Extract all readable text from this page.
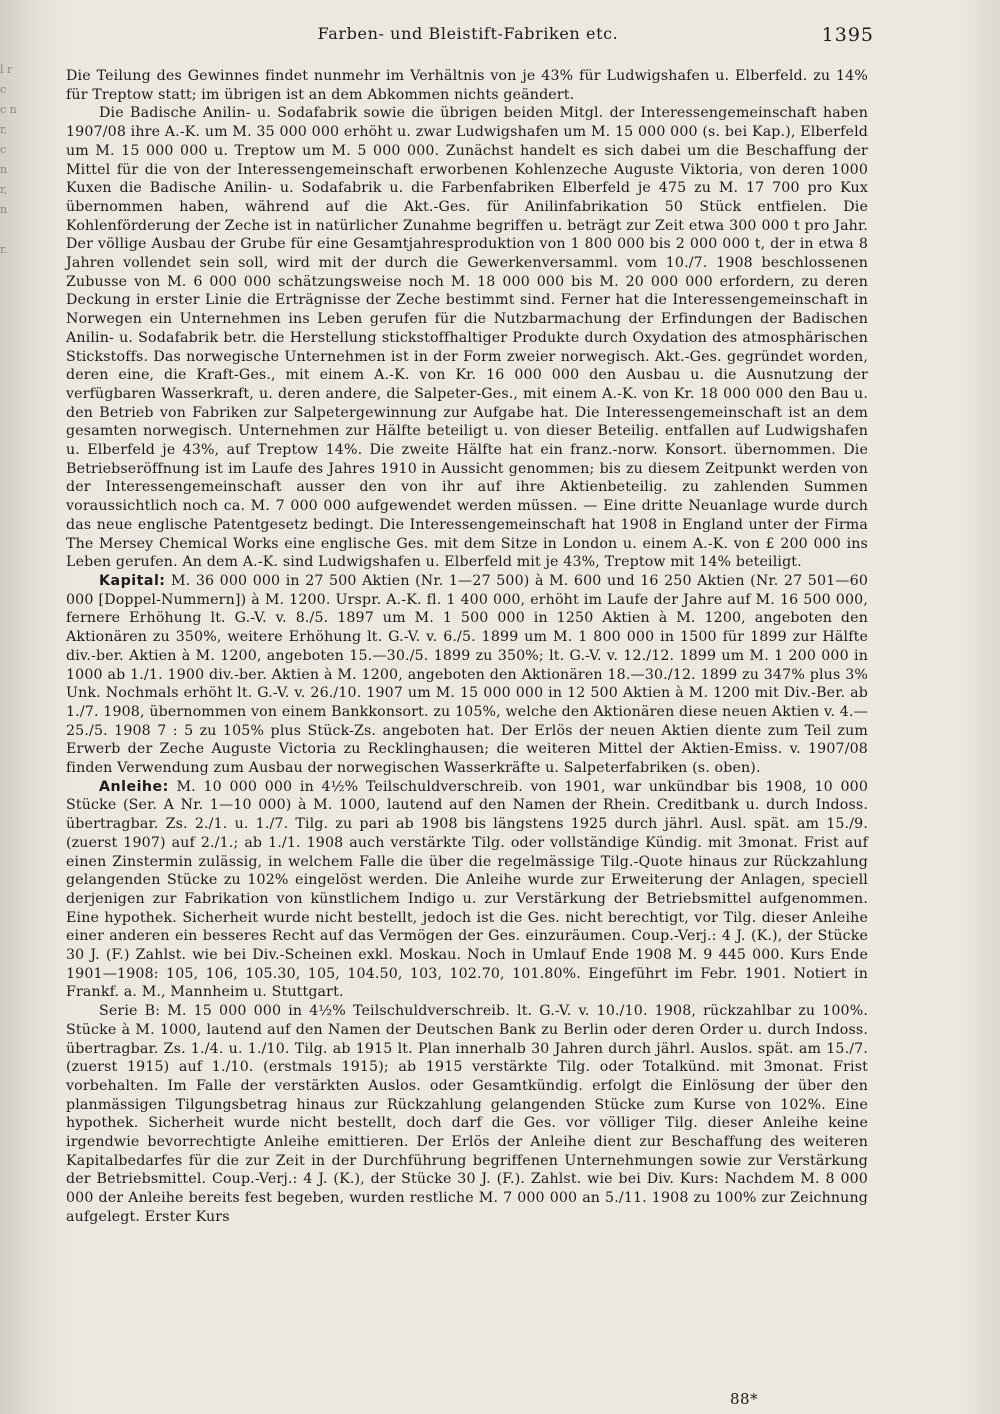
l r
c
c n
r,
c
n
r,
n

r.
Farben- und Bleistift-Fabriken etc.	1395

Die Teilung des Gewinnes findet nunmehr im Verhältnis von je 43% für Ludwigshafen u. Elberfeld. zu 14% für Treptow statt; im übrigen ist an dem Abkommen nichts geändert.

Die Badische Anilin- u. Sodafabrik sowie die übrigen beiden Mitgl. der Interessengemeinschaft haben 1907/08 ihre A.-K. um M. 35 000 000 erhöht u. zwar Ludwigshafen um M. 15 000 000 (s. bei Kap.), Elberfeld um M. 15 000 000 u. Treptow um M. 5 000 000. Zunächst handelt es sich dabei um die Beschaffung der Mittel für die von der Interessengemeinschaft erworbenen Kohlenzeche Auguste Viktoria, von deren 1000 Kuxen die Badische Anilin- u. Sodafabrik u. die Farbenfabriken Elberfeld je 475 zu M. 17 700 pro Kux übernommen haben, während auf die Akt.-Ges. für Anilinfabrikation 50 Stück entfielen. Die Kohlenförderung der Zeche ist in natürlicher Zunahme begriffen u. beträgt zur Zeit etwa 300 000 t pro Jahr. Der völlige Ausbau der Grube für eine Gesamtjahresproduktion von 1 800 000 bis 2 000 000 t, der in etwa 8 Jahren vollendet sein soll, wird mit der durch die Gewerkenversamml. vom 10./7. 1908 beschlossenen Zubusse von M. 6 000 000 schätzungsweise noch M. 18 000 000 bis M. 20 000 000 erfordern, zu deren Deckung in erster Linie die Erträgnisse der Zeche bestimmt sind. Ferner hat die Interessengemeinschaft in Norwegen ein Unternehmen ins Leben gerufen für die Nutzbarmachung der Erfindungen der Badischen Anilin- u. Sodafabrik betr. die Herstellung stickstoffhaltiger Produkte durch Oxydation des atmosphärischen Stickstoffs. Das norwegische Unternehmen ist in der Form zweier norwegisch. Akt.-Ges. gegründet worden, deren eine, die Kraft-Ges., mit einem A.-K. von Kr. 16 000 000 den Ausbau u. die Ausnutzung der verfügbaren Wasserkraft, u. deren andere, die Salpeter-Ges., mit einem A.-K. von Kr. 18 000 000 den Bau u. den Betrieb von Fabriken zur Salpetergewinnung zur Aufgabe hat. Die Interessengemeinschaft ist an dem gesamten norwegisch. Unternehmen zur Hälfte beteiligt u. von dieser Beteilig. entfallen auf Ludwigshafen u. Elberfeld je 43%, auf Treptow 14%. Die zweite Hälfte hat ein franz.-norw. Konsort. übernommen. Die Betriebseröffnung ist im Laufe des Jahres 1910 in Aussicht genommen; bis zu diesem Zeitpunkt werden von der Interessengemeinschaft ausser den von ihr auf ihre Aktienbeteilig. zu zahlenden Summen voraussichtlich noch ca. M. 7 000 000 aufgewendet werden müssen. — Eine dritte Neuanlage wurde durch das neue englische Patentgesetz bedingt. Die Interessengemeinschaft hat 1908 in England unter der Firma The Mersey Chemical Works eine englische Ges. mit dem Sitze in London u. einem A.-K. von £ 200 000 ins Leben gerufen. An dem A.-K. sind Ludwigshafen u. Elberfeld mit je 43%, Treptow mit 14% beteiligt.

Kapital: M. 36 000 000 in 27 500 Aktien (Nr. 1—27 500) à M. 600 und 16 250 Aktien (Nr. 27 501—60 000 [Doppel-Nummern]) à M. 1200. Urspr. A.-K. fl. 1 400 000, erhöht im Laufe der Jahre auf M. 16 500 000, fernere Erhöhung lt. G.-V. v. 8./5. 1897 um M. 1 500 000 in 1250 Aktien à M. 1200, angeboten den Aktionären zu 350%, weitere Erhöhung lt. G.-V. v. 6./5. 1899 um M. 1 800 000 in 1500 für 1899 zur Hälfte div.-ber. Aktien à M. 1200, angeboten 15.—30./5. 1899 zu 350%; lt. G.-V. v. 12./12. 1899 um M. 1 200 000 in 1000 ab 1./1. 1900 div.-ber. Aktien à M. 1200, angeboten den Aktionären 18.—30./12. 1899 zu 347% plus 3% Unk. Nochmals erhöht lt. G.-V. v. 26./10. 1907 um M. 15 000 000 in 12 500 Aktien à M. 1200 mit Div.-Ber. ab 1./7. 1908, übernommen von einem Bankkonsort. zu 105%, welche den Aktionären diese neuen Aktien v. 4.—25./5. 1908 7 : 5 zu 105% plus Stück-Zs. angeboten hat. Der Erlös der neuen Aktien diente zum Teil zum Erwerb der Zeche Auguste Victoria zu Recklinghausen; die weiteren Mittel der Aktien-Emiss. v. 1907/08 finden Verwendung zum Ausbau der norwegischen Wasserkräfte u. Salpeterfabriken (s. oben).

Anleihe: M. 10 000 000 in 4½% Teilschuldverschreib. von 1901, war unkündbar bis 1908, 10 000 Stücke (Ser. A Nr. 1—10 000) à M. 1000, lautend auf den Namen der Rhein. Creditbank u. durch Indoss. übertragbar. Zs. 2./1. u. 1./7. Tilg. zu pari ab 1908 bis längstens 1925 durch jährl. Ausl. spät. am 15./9. (zuerst 1907) auf 2./1.; ab 1./1. 1908 auch verstärkte Tilg. oder vollständige Kündig. mit 3monat. Frist auf einen Zinstermin zulässig, in welchem Falle die über die regelmässige Tilg.-Quote hinaus zur Rückzahlung gelangenden Stücke zu 102% eingelöst werden. Die Anleihe wurde zur Erweiterung der Anlagen, speciell derjenigen zur Fabrikation von künstlichem Indigo u. zur Verstärkung der Betriebsmittel aufgenommen. Eine hypothek. Sicherheit wurde nicht bestellt, jedoch ist die Ges. nicht berechtigt, vor Tilg. dieser Anleihe einer anderen ein besseres Recht auf das Vermögen der Ges. einzuräumen. Coup.-Verj.: 4 J. (K.), der Stücke 30 J. (F.) Zahlst. wie bei Div.-Scheinen exkl. Moskau. Noch in Umlauf Ende 1908 M. 9 445 000. Kurs Ende 1901—1908: 105, 106, 105.30, 105, 104.50, 103, 102.70, 101.80%. Eingeführt im Febr. 1901. Notiert in Frankf. a. M., Mannheim u. Stuttgart.

Serie B: M. 15 000 000 in 4½% Teilschuldverschreib. lt. G.-V. v. 10./10. 1908, rückzahlbar zu 100%. Stücke à M. 1000, lautend auf den Namen der Deutschen Bank zu Berlin oder deren Order u. durch Indoss. übertragbar. Zs. 1./4. u. 1./10. Tilg. ab 1915 lt. Plan innerhalb 30 Jahren durch jährl. Auslos. spät. am 15./7. (zuerst 1915) auf 1./10. (erstmals 1915); ab 1915 verstärkte Tilg. oder Totalkünd. mit 3monat. Frist vorbehalten. Im Falle der verstärkten Auslos. oder Gesamtkündig. erfolgt die Einlösung der über den planmässigen Tilgungsbetrag hinaus zur Rückzahlung gelangenden Stücke zum Kurse von 102%. Eine hypothek. Sicherheit wurde nicht bestellt, doch darf die Ges. vor völliger Tilg. dieser Anleihe keine irgendwie bevorrechtigte Anleihe emittieren. Der Erlös der Anleihe dient zur Beschaffung des weiteren Kapitalbedarfes für die zur Zeit in der Durchführung begriffenen Unternehmungen sowie zur Verstärkung der Betriebsmittel. Coup.-Verj.: 4 J. (K.), der Stücke 30 J. (F.). Zahlst. wie bei Div. Kurs: Nachdem M. 8 000 000 der Anleihe bereits fest begeben, wurden restliche M. 7 000 000 an 5./11. 1908 zu 100% zur Zeichnung aufgelegt. Erster Kurs

88*
